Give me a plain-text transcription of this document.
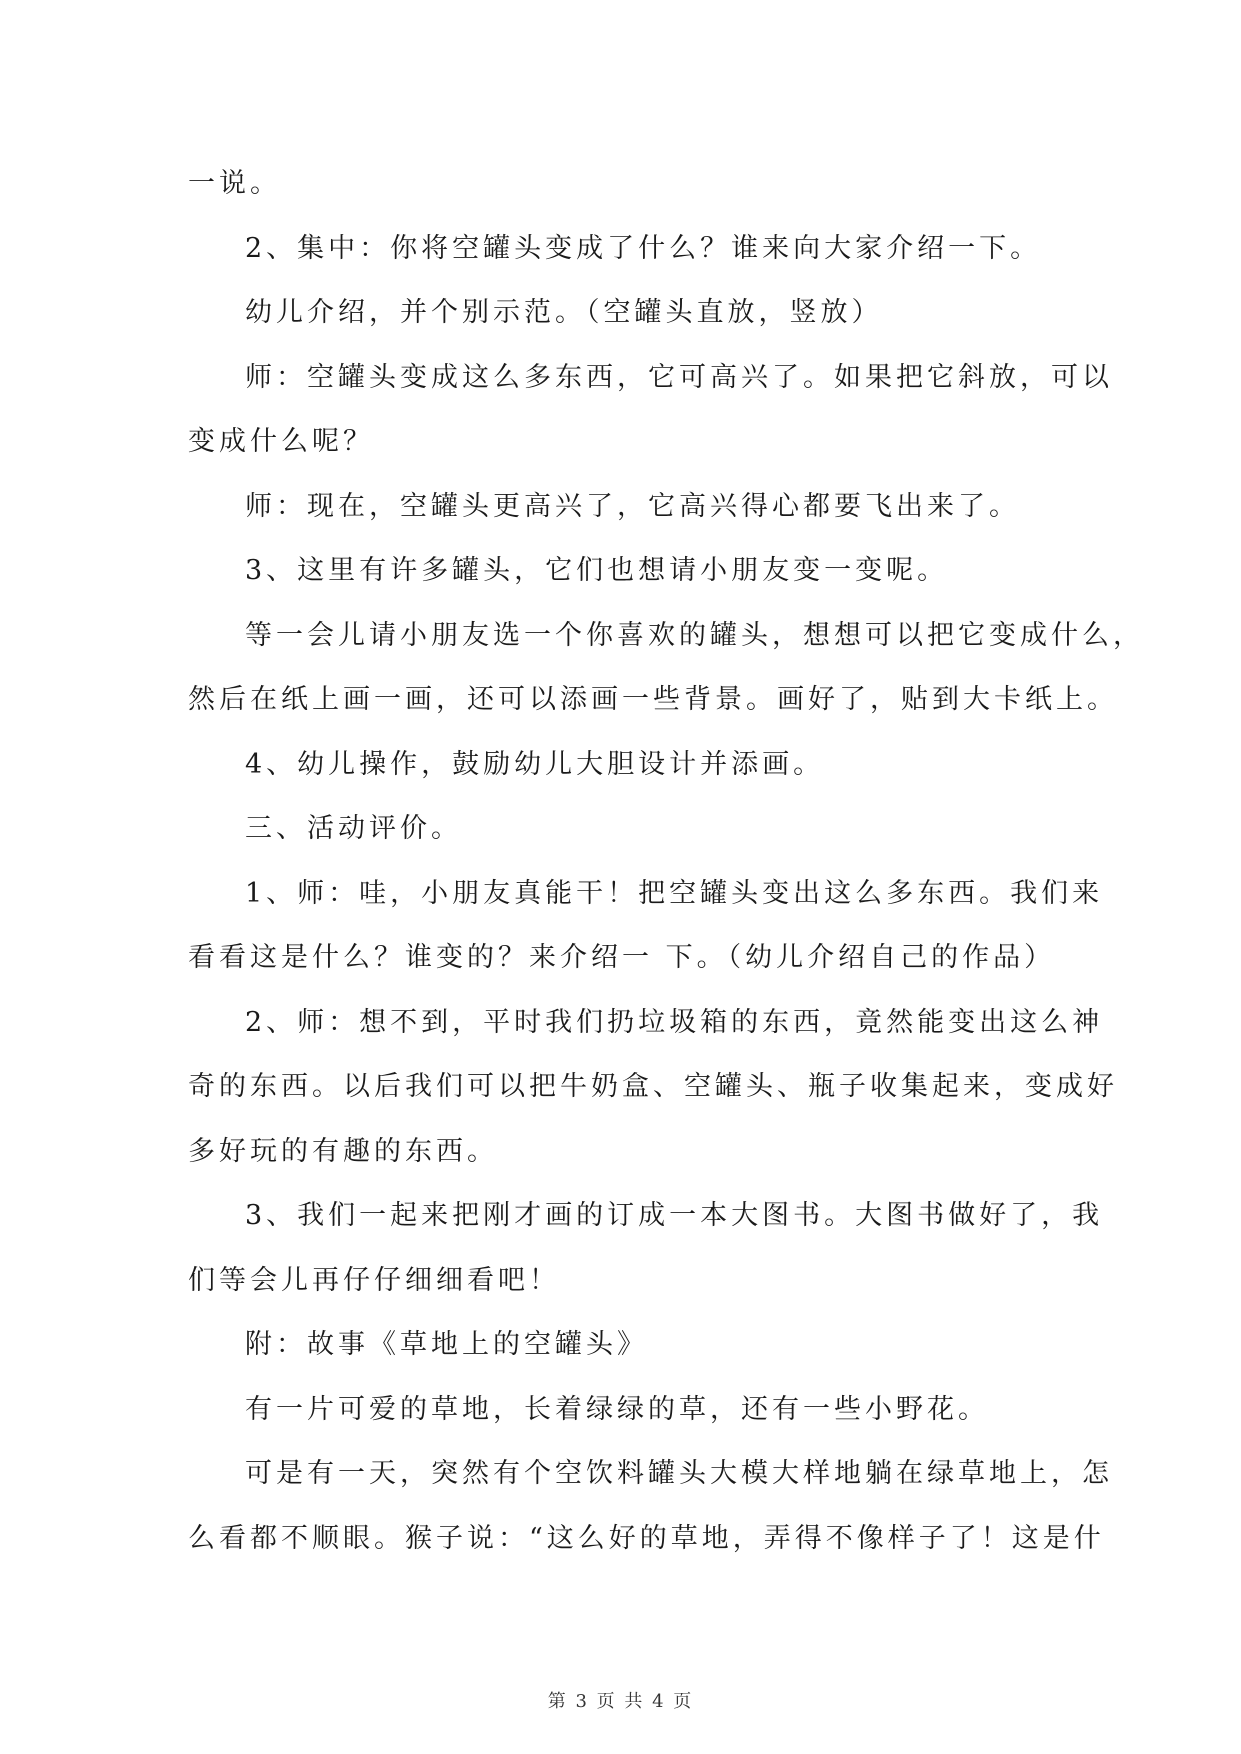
一说。

2、集中：你将空罐头变成了什么？谁来向大家介绍一下。

幼儿介绍，并个别示范。（空罐头直放，竖放）

师：空罐头变成这么多东西，它可高兴了。如果把它斜放，可以

变成什么呢？

师：现在，空罐头更高兴了，它高兴得心都要飞出来了。

3、这里有许多罐头，它们也想请小朋友变一变呢。

等一会儿请小朋友选一个你喜欢的罐头，想想可以把它变成什么，

然后在纸上画一画，还可以添画一些背景。画好了，贴到大卡纸上。

4、幼儿操作，鼓励幼儿大胆设计并添画。

三、活动评价。

1、师：哇，小朋友真能干！把空罐头变出这么多东西。我们来

看看这是什么？谁变的？来介绍一 下。（幼儿介绍自己的作品）

2、师：想不到，平时我们扔垃圾箱的东西，竟然能变出这么神

奇的东西。以后我们可以把牛奶盒、空罐头、瓶子收集起来，变成好

多好玩的有趣的东西。

3、我们一起来把刚才画的订成一本大图书。大图书做好了，我

们等会儿再仔仔细细看吧！

附：故事《草地上的空罐头》

有一片可爱的草地，长着绿绿的草，还有一些小野花。

可是有一天，突然有个空饮料罐头大模大样地躺在绿草地上，怎

么看都不顺眼。猴子说：“这么好的草地，弄得不像样子了！这是什

第 3 页 共 4 页
